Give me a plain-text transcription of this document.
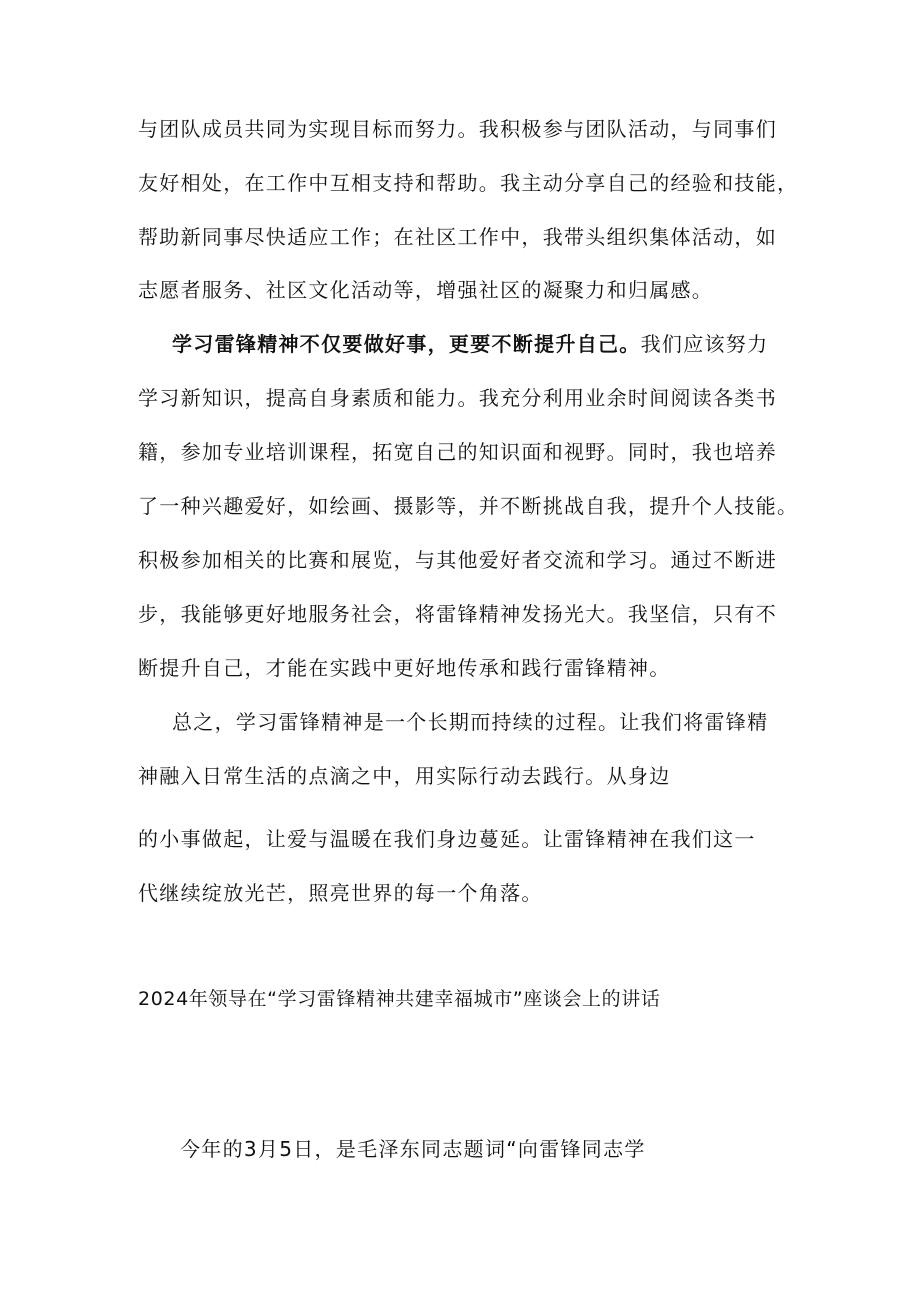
与团队成员共同为实现目标而努力。我积极参与团队活动，与同事们
友好相处，在工作中互相支持和帮助。我主动分享自己的经验和技能，
帮助新同事尽快适应工作；在社区工作中，我带头组织集体活动，如
志愿者服务、社区文化活动等，增强社区的凝聚力和归属感。
学习雷锋精神不仅要做好事，更要不断提升自己。我们应该努力
学习新知识，提高自身素质和能力。我充分利用业余时间阅读各类书
籍，参加专业培训课程，拓宽自己的知识面和视野。同时，我也培养
了一种兴趣爱好，如绘画、摄影等，并不断挑战自我，提升个人技能。
积极参加相关的比赛和展览，与其他爱好者交流和学习。通过不断进
步，我能够更好地服务社会，将雷锋精神发扬光大。我坚信，只有不
断提升自己，才能在实践中更好地传承和践行雷锋精神。
总之，学习雷锋精神是一个长期而持续的过程。让我们将雷锋精
神融入日常生活的点滴之中，用实际行动去践行。从身边
的小事做起，让爱与温暖在我们身边蔓延。让雷锋精神在我们这一
代继续绽放光芒，照亮世界的每一个角落。
2024年领导在“学习雷锋精神共建幸福城市”座谈会上的讲话
今年的3月5日，是毛泽东同志题词“向雷锋同志学
